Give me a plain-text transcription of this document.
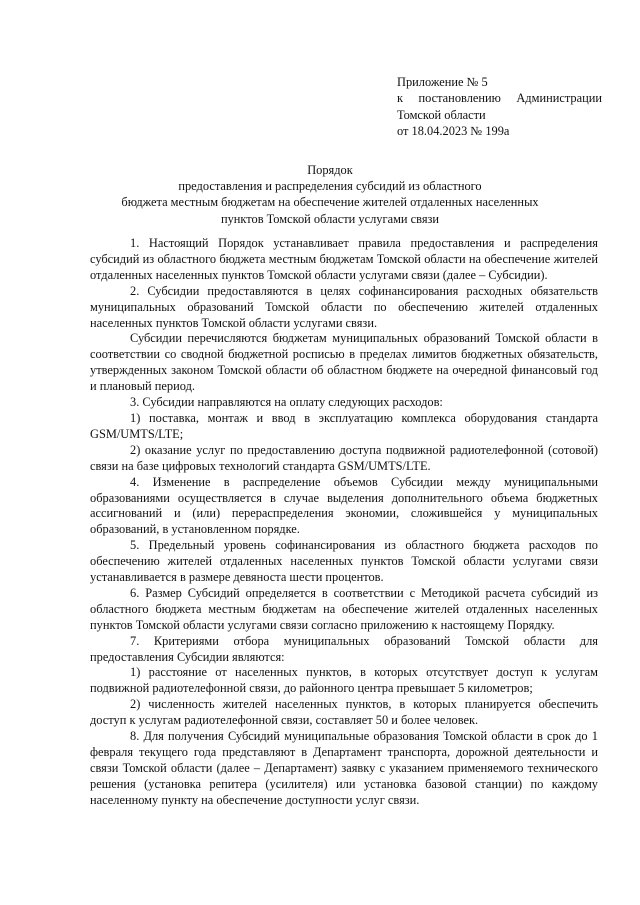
Приложение № 5
к постановлению Администрации
Томской области
от 18.04.2023 № 199а
Порядок
предоставления и распределения субсидий из областного
бюджета местным бюджетам на обеспечение жителей отдаленных населенных
пунктов Томской области услугами связи

1. Настоящий Порядок устанавливает правила предоставления и распределения субсидий из областного бюджета местным бюджетам Томской области на обеспечение жителей отдаленных населенных пунктов Томской области услугами связи (далее – Субсидии).

2. Субсидии предоставляются в целях софинансирования расходных обязательств муниципальных образований Томской области по обеспечению жителей отдаленных населенных пунктов Томской области услугами связи.

Субсидии перечисляются бюджетам муниципальных образований Томской области в соответствии со сводной бюджетной росписью в пределах лимитов бюджетных обязательств, утвержденных законом Томской области об областном бюджете на очередной финансовый год и плановый период.

3. Субсидии направляются на оплату следующих расходов:

1) поставка, монтаж и ввод в эксплуатацию комплекса оборудования стандарта GSM/UMTS/LTE;

2) оказание услуг по предоставлению доступа подвижной радиотелефонной (сотовой) связи на базе цифровых технологий стандарта GSM/UMTS/LTE.

4. Изменение в распределение объемов Субсидии между муниципальными образованиями осуществляется в случае выделения дополнительного объема бюджетных ассигнований и (или) перераспределения экономии, сложившейся у муниципальных образований, в установленном порядке.

5. Предельный уровень софинансирования из областного бюджета расходов по обеспечению жителей отдаленных населенных пунктов Томской области услугами связи устанавливается в размере девяноста шести процентов.

6. Размер Субсидий определяется в соответствии с Методикой расчета субсидий из областного бюджета местным бюджетам на обеспечение жителей отдаленных населенных пунктов Томской области услугами связи согласно приложению к настоящему Порядку.

7. Критериями отбора муниципальных образований Томской области для предоставления Субсидии являются:

1) расстояние от населенных пунктов, в которых отсутствует доступ к услугам подвижной радиотелефонной связи, до районного центра превышает 5 километров;

2) численность жителей населенных пунктов, в которых планируется обеспечить доступ к услугам радиотелефонной связи, составляет 50 и более человек.

8. Для получения Субсидий муниципальные образования Томской области в срок до 1 февраля текущего года представляют в Департамент транспорта, дорожной деятельности и связи Томской области (далее – Департамент) заявку с указанием применяемого технического решения (установка репитера (усилителя) или установка базовой станции) по каждому населенному пункту на обеспечение доступности услуг связи.
